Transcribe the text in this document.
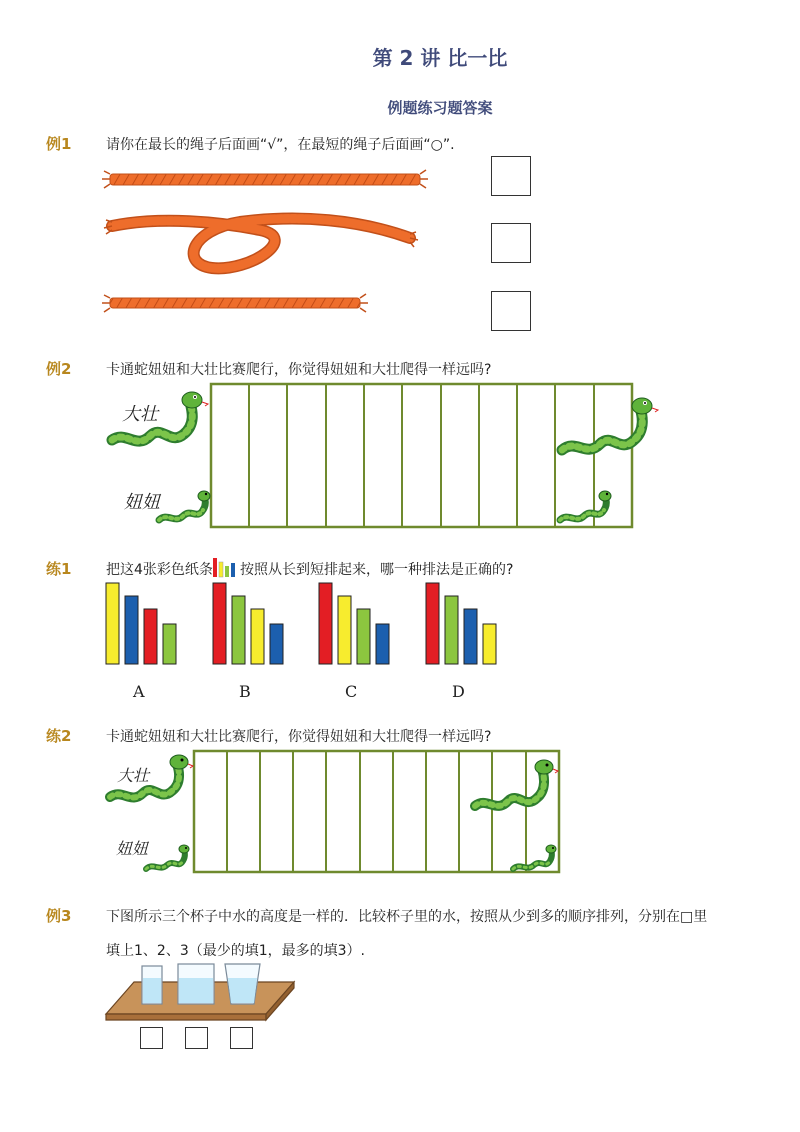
第 2 讲 比一比
例题练习题答案
例1 请你在最长的绳子后面画“√”，在最短的绳子后面画“○”.
例2 卡通蛇妞妞和大壮比赛爬行，你觉得妞妞和大壮爬得一样远吗?
大壮
妞妞
练1 把这4张彩色纸条 按照从长到短排起来，哪一种排法是正确的?
A	B	C	D
练2 卡通蛇妞妞和大壮比赛爬行，你觉得妞妞和大壮爬得一样远吗?
大壮
妞妞
例3 下图所示三个杯子中水的高度是一样的．比较杯子里的水，按照从少到多的顺序排列，分别在□里
填上1、2、3（最少的填1，最多的填3）.
